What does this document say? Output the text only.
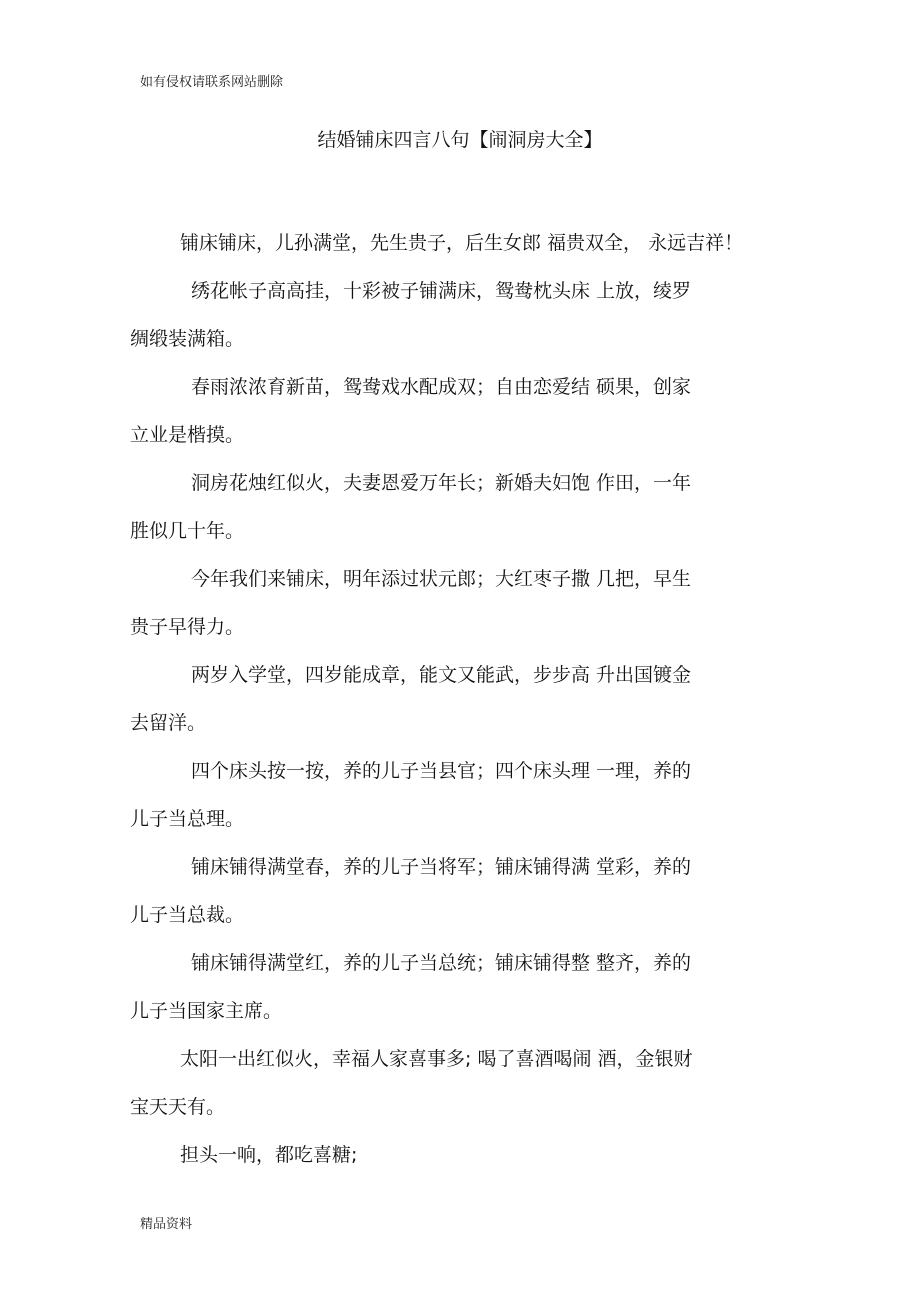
如有侵权请联系网站删除
结婚铺床四言八句【闹洞房大全】

铺床铺床，儿孙满堂，先生贵子，后生女郎 福贵双全， 永远吉祥！

绣花帐子高高挂，十彩被子铺满床，鸳鸯枕头床 上放，绫罗
绸缎装满箱。

春雨浓浓育新苗，鸳鸯戏水配成双；自由恋爱结 硕果，创家
立业是楷摸。

洞房花烛红似火，夫妻恩爱万年长；新婚夫妇饱 作田，一年
胜似几十年。

今年我们来铺床，明年添过状元郎；大红枣子撒 几把，早生
贵子早得力。

两岁入学堂，四岁能成章，能文又能武，步步高 升出国镀金
去留洋。

四个床头按一按，养的儿子当县官；四个床头理 一理，养的
儿子当总理。

铺床铺得满堂春，养的儿子当将军；铺床铺得满 堂彩，养的
儿子当总裁。

铺床铺得满堂红，养的儿子当总统；铺床铺得整 整齐，养的
儿子当国家主席。

太阳一出红似火，幸福人家喜事多; 喝了喜酒喝闹 酒，金银财
宝天天有。

担头一响，都吃喜糖;

精品资料
